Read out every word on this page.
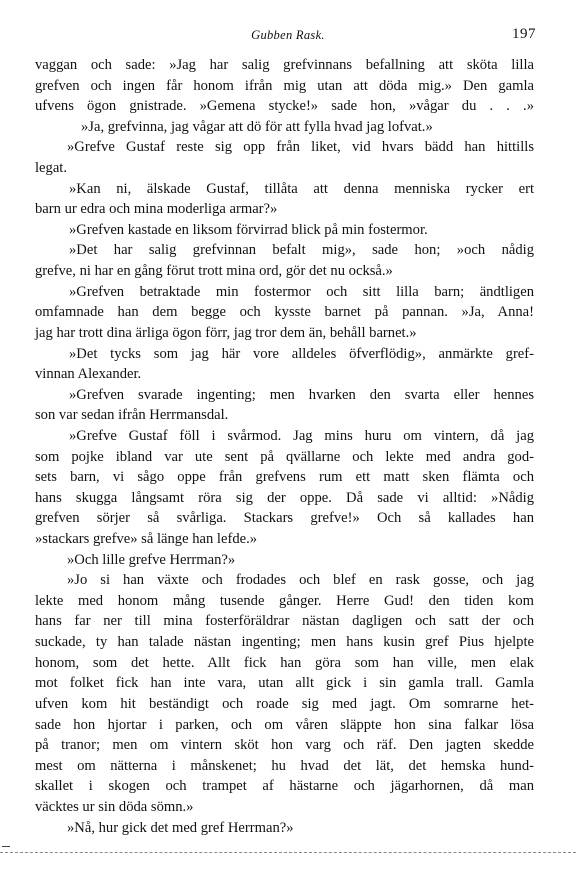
Gubben Rask.	197
vaggan och sade: »Jag har salig grefvinnans befallning att sköta lilla
grefven och ingen får honom ifrån mig utan att döda mig.» Den gamla
ufvens ögon gnistrade. »Gemena stycke!» sade hon, »vågar du . . .»
»Ja, grefvinna, jag vågar att dö för att fylla hvad jag lofvat.»
»Grefve Gustaf reste sig opp från liket, vid hvars bädd han hittills
legat.
»Kan ni, älskade Gustaf, tillåta att denna menniska rycker ert
barn ur edra och mina moderliga armar?»
»Grefven kastade en liksom förvirrad blick på min fostermor.
»Det har salig grefvinnan befalt mig», sade hon; »och nådig
grefve, ni har en gång förut trott mina ord, gör det nu också.»
»Grefven betraktade min fostermor och sitt lilla barn; ändtligen
omfamnade han dem begge och kysste barnet på pannan. »Ja, Anna!
jag har trott dina ärliga ögon förr, jag tror dem än, behåll barnet.»
»Det tycks som jag här vore alldeles öfverflödig», anmärkte gref-
vinnan Alexander.
»Grefven svarade ingenting; men hvarken den svarta eller hennes
son var sedan ifrån Herrmansdal.
»Grefve Gustaf föll i svårmod. Jag mins huru om vintern, då jag
som pojke ibland var ute sent på qvällarne och lekte med andra god-
sets barn, vi sågo oppe från grefvens rum ett matt sken flämta och
hans skugga långsamt röra sig der oppe. Då sade vi alltid: »Nådig
grefven sörjer så svårliga. Stackars grefve!» Och så kallades han
»stackars grefve» så länge han lefde.»
»Och lille grefve Herrman?»
»Jo si han växte och frodades och blef en rask gosse, och jag
lekte med honom mång tusende gånger. Herre Gud! den tiden kom
hans far ner till mina fosterföräldrar nästan dagligen och satt der och
suckade, ty han talade nästan ingenting; men hans kusin gref Pius hjelpte
honom, som det hette. Allt fick han göra som han ville, men elak
mot folket fick han inte vara, utan allt gick i sin gamla trall. Gamla
ufven kom hit beständigt och roade sig med jagt. Om somrarne het-
sade hon hjortar i parken, och om våren släppte hon sina falkar lösa
på tranor; men om vintern sköt hon varg och räf. Den jagten skedde
mest om nätterna i månskenet; hu hvad det lät, det hemska hund-
skallet i skogen och trampet af hästarne och jägarhornen, då man
väcktes ur sin döda sömn.»
»Nå, hur gick det med gref Herrman?»
